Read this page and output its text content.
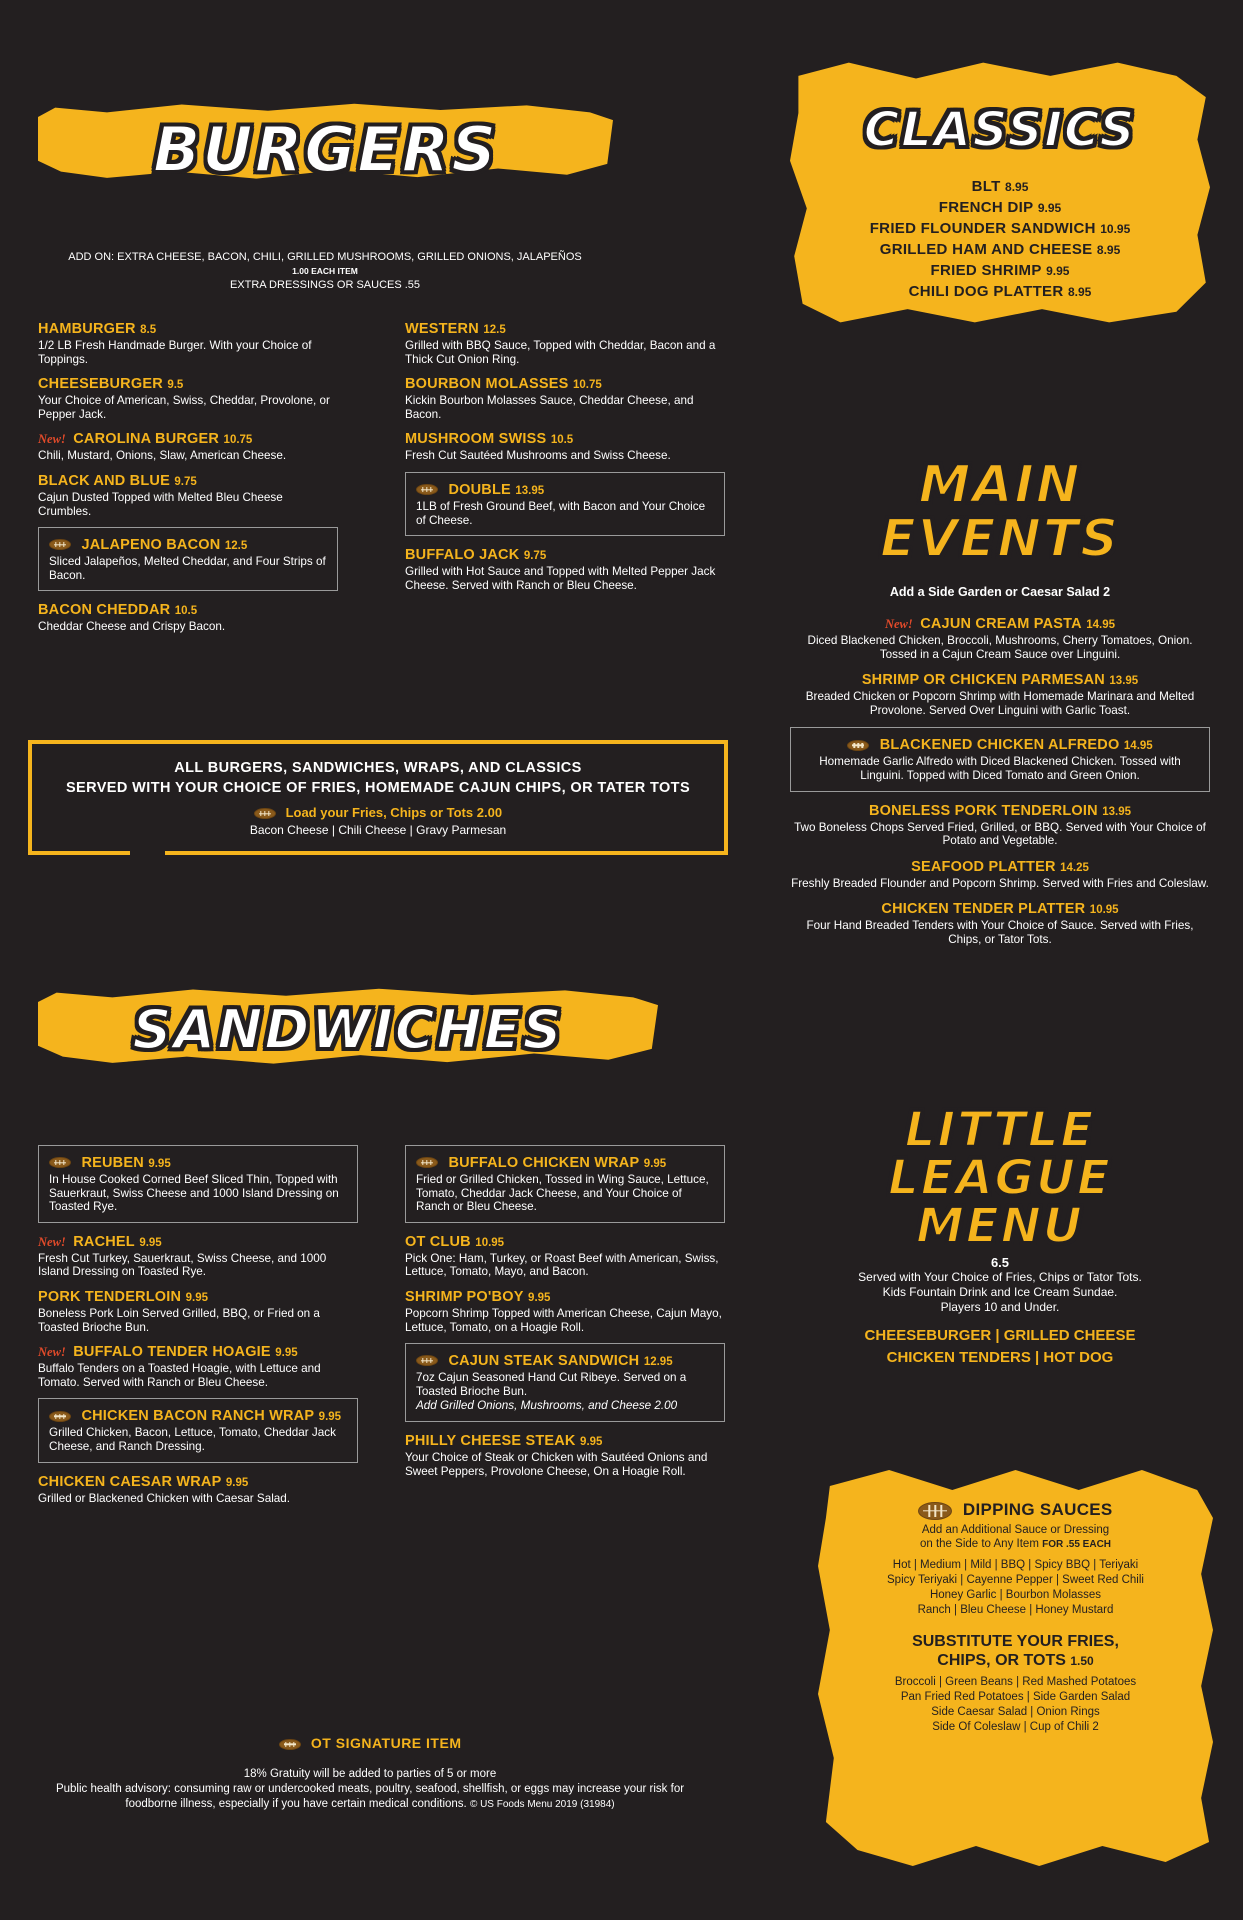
BURGERS
ADD ON: EXTRA CHEESE, BACON, CHILI, GRILLED MUSHROOMS, GRILLED ONIONS, JALAPEÑOS 1.00 EACH ITEM
EXTRA DRESSINGS OR SAUCES .55
HAMBURGER 8.5
1/2 LB Fresh Handmade Burger. With your Choice of Toppings.
CHEESEBURGER 9.5
Your Choice of American, Swiss, Cheddar, Provolone, or Pepper Jack.
New! CAROLINA BURGER 10.75
Chili, Mustard, Onions, Slaw, American Cheese.
BLACK AND BLUE 9.75
Cajun Dusted Topped with Melted Bleu Cheese Crumbles.
JALAPENO BACON 12.5
Sliced Jalapeños, Melted Cheddar, and Four Strips of Bacon.
BACON CHEDDAR 10.5
Cheddar Cheese and Crispy Bacon.
WESTERN 12.5
Grilled with BBQ Sauce, Topped with Cheddar, Bacon and a Thick Cut Onion Ring.
BOURBON MOLASSES 10.75
Kickin Bourbon Molasses Sauce, Cheddar Cheese, and Bacon.
MUSHROOM SWISS 10.5
Fresh Cut Sautéed Mushrooms and Swiss Cheese.
DOUBLE 13.95
1LB of Fresh Ground Beef, with Bacon and Your Choice of Cheese.
BUFFALO JACK 9.75
Grilled with Hot Sauce and Topped with Melted Pepper Jack Cheese. Served with Ranch or Bleu Cheese.
ALL BURGERS, SANDWICHES, WRAPS, AND CLASSICS
SERVED WITH YOUR CHOICE OF FRIES, HOMEMADE CAJUN CHIPS, OR TATER TOTS
Load your Fries, Chips or Tots 2.00
Bacon Cheese | Chili Cheese | Gravy Parmesan
SANDWICHES
REUBEN 9.95
In House Cooked Corned Beef Sliced Thin, Topped with Sauerkraut, Swiss Cheese and 1000 Island Dressing on Toasted Rye.
New! RACHEL 9.95
Fresh Cut Turkey, Sauerkraut, Swiss Cheese, and 1000 Island Dressing on Toasted Rye.
PORK TENDERLOIN 9.95
Boneless Pork Loin Served Grilled, BBQ, or Fried on a Toasted Brioche Bun.
New! BUFFALO TENDER HOAGIE 9.95
Buffalo Tenders on a Toasted Hoagie, with Lettuce and Tomato. Served with Ranch or Bleu Cheese.
CHICKEN BACON RANCH WRAP 9.95
Grilled Chicken, Bacon, Lettuce, Tomato, Cheddar Jack Cheese, and Ranch Dressing.
CHICKEN CAESAR WRAP 9.95
Grilled or Blackened Chicken with Caesar Salad.
BUFFALO CHICKEN WRAP 9.95
Fried or Grilled Chicken, Tossed in Wing Sauce, Lettuce, Tomato, Cheddar Jack Cheese, and Your Choice of Ranch or Bleu Cheese.
OT CLUB 10.95
Pick One: Ham, Turkey, or Roast Beef with American, Swiss, Lettuce, Tomato, Mayo, and Bacon.
SHRIMP PO'BOY 9.95
Popcorn Shrimp Topped with American Cheese, Cajun Mayo, Lettuce, Tomato, on a Hoagie Roll.
CAJUN STEAK SANDWICH 12.95
7oz Cajun Seasoned Hand Cut Ribeye. Served on a Toasted Brioche Bun.
Add Grilled Onions, Mushrooms, and Cheese 2.00
PHILLY CHEESE STEAK 9.95
Your Choice of Steak or Chicken with Sautéed Onions and Sweet Peppers, Provolone Cheese, On a Hoagie Roll.
OT SIGNATURE ITEM
18% Gratuity will be added to parties of 5 or more
Public health advisory: consuming raw or undercooked meats, poultry, seafood, shellfish, or eggs may increase your risk for foodborne illness, especially if you have certain medical conditions. © US Foods Menu 2019 (31984)
CLASSICS
BLT 8.95
FRENCH DIP 9.95
FRIED FLOUNDER SANDWICH 10.95
GRILLED HAM AND CHEESE 8.95
FRIED SHRIMP 9.95
CHILI DOG PLATTER 8.95
MAIN
EVENTS
Add a Side Garden or Caesar Salad 2
New! CAJUN CREAM PASTA 14.95
Diced Blackened Chicken, Broccoli, Mushrooms, Cherry Tomatoes, Onion. Tossed in a Cajun Cream Sauce over Linguini.
SHRIMP OR CHICKEN PARMESAN 13.95
Breaded Chicken or Popcorn Shrimp with Homemade Marinara and Melted Provolone. Served Over Linguini with Garlic Toast.
BLACKENED CHICKEN ALFREDO 14.95
Homemade Garlic Alfredo with Diced Blackened Chicken. Tossed with Linguini. Topped with Diced Tomato and Green Onion.
BONELESS PORK TENDERLOIN 13.95
Two Boneless Chops Served Fried, Grilled, or BBQ. Served with Your Choice of Potato and Vegetable.
SEAFOOD PLATTER 14.25
Freshly Breaded Flounder and Popcorn Shrimp. Served with Fries and Coleslaw.
CHICKEN TENDER PLATTER 10.95
Four Hand Breaded Tenders with Your Choice of Sauce. Served with Fries, Chips, or Tator Tots.
LITTLE
LEAGUE
MENU
6.5
Served with Your Choice of Fries, Chips or Tator Tots.
Kids Fountain Drink and Ice Cream Sundae.
Players 10 and Under.
CHEESEBURGER | GRILLED CHEESE
CHICKEN TENDERS | HOT DOG
DIPPING SAUCES
Add an Additional Sauce or Dressing
on the Side to Any Item FOR .55 EACH
Hot | Medium | Mild | BBQ | Spicy BBQ | Teriyaki
Spicy Teriyaki | Cayenne Pepper | Sweet Red Chili
Honey Garlic | Bourbon Molasses
Ranch | Bleu Cheese | Honey Mustard
SUBSTITUTE YOUR FRIES,
CHIPS, OR TOTS 1.50
Broccoli | Green Beans | Red Mashed Potatoes
Pan Fried Red Potatoes | Side Garden Salad
Side Caesar Salad | Onion Rings
Side Of Coleslaw | Cup of Chili 2
